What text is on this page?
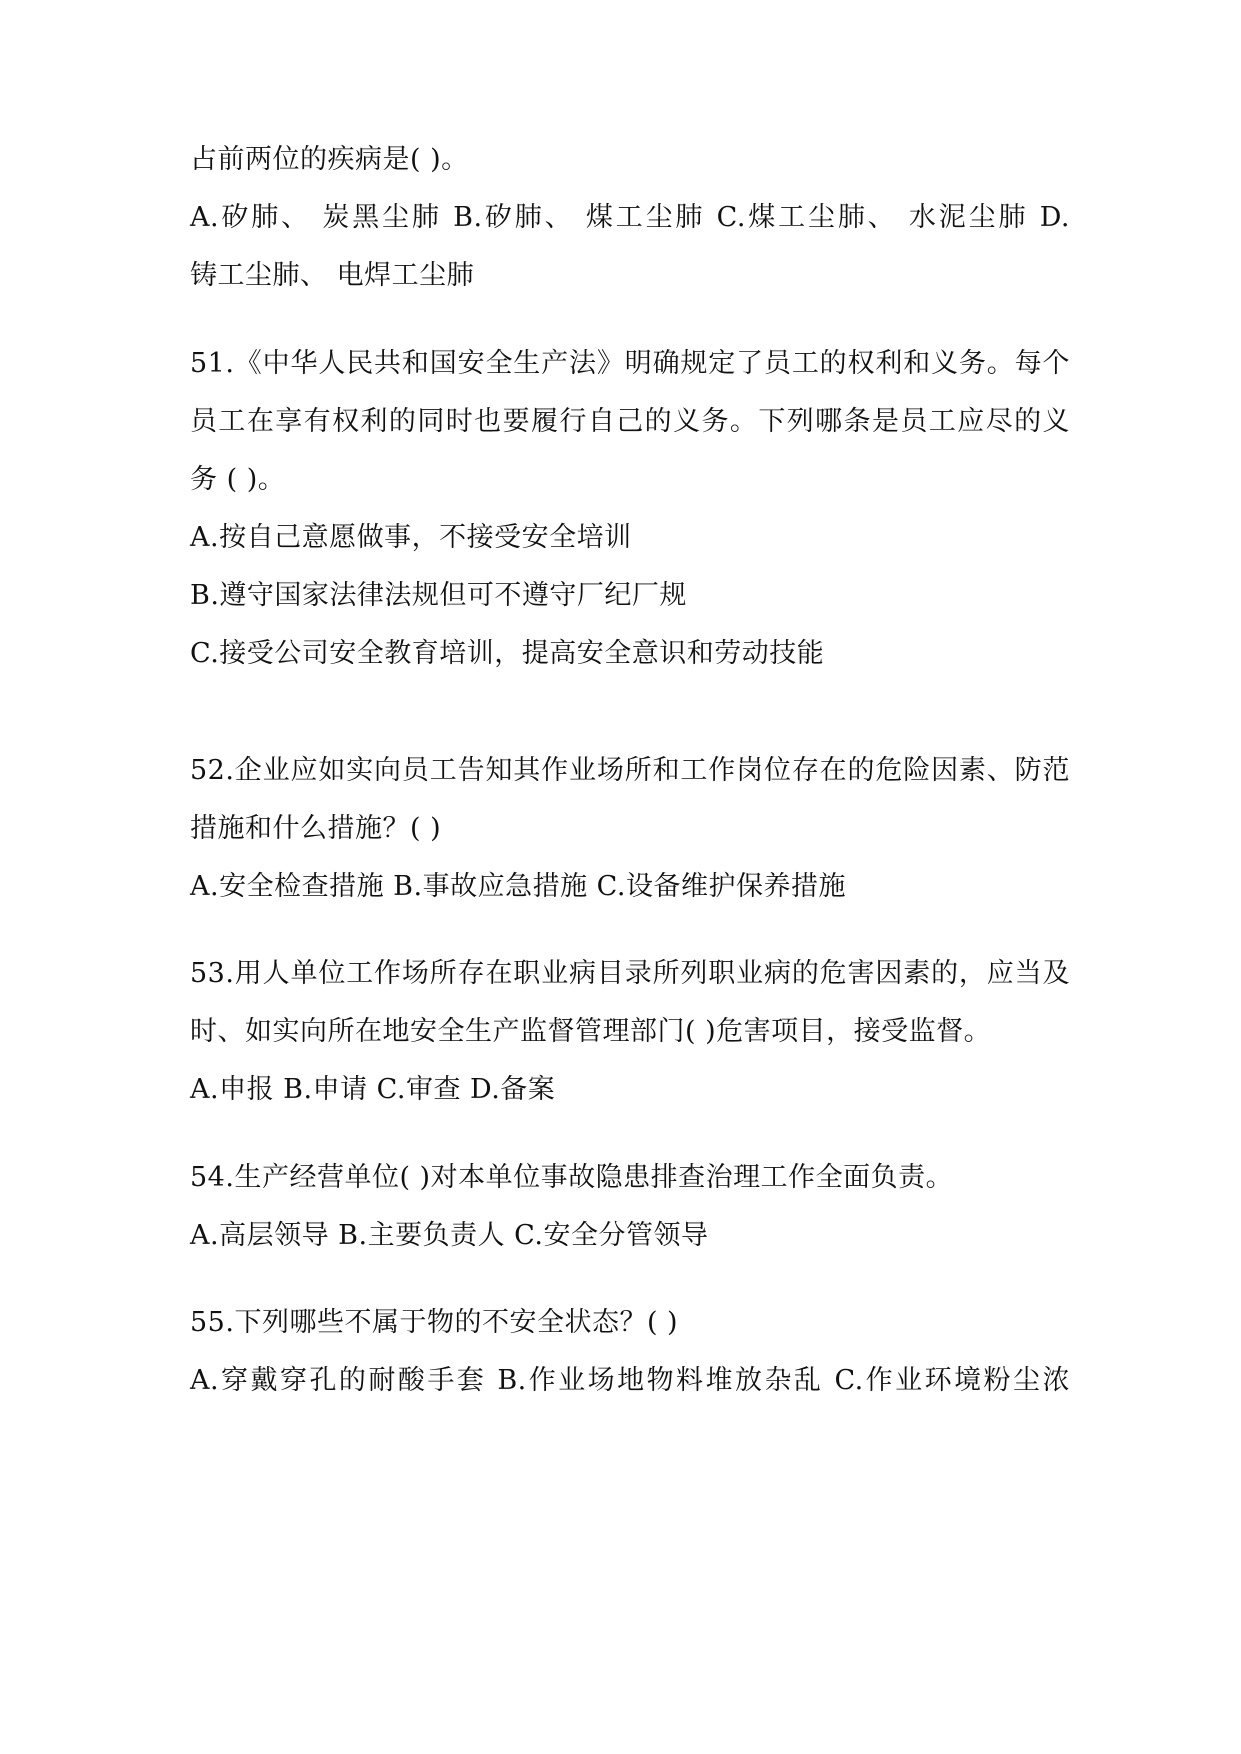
占前两位的疾病是( )。
A.矽肺、 炭黑尘肺 B.矽肺、 煤工尘肺 C.煤工尘肺、 水泥尘肺 D.
铸工尘肺、 电焊工尘肺
51.《中华人民共和国安全生产法》明确规定了员工的权利和义务。每个
员工在享有权利的同时也要履行自己的义务。下列哪条是员工应尽的义
务 ( )。
A.按自己意愿做事，不接受安全培训
B.遵守国家法律法规但可不遵守厂纪厂规
C.接受公司安全教育培训，提高安全意识和劳动技能
52.企业应如实向员工告知其作业场所和工作岗位存在的危险因素、防范
措施和什么措施？( )
A.安全检查措施 B.事故应急措施 C.设备维护保养措施
53.用人单位工作场所存在职业病目录所列职业病的危害因素的，应当及
时、如实向所在地安全生产监督管理部门( )危害项目，接受监督。
A.申报 B.申请 C.审查 D.备案
54.生产经营单位( )对本单位事故隐患排查治理工作全面负责。
A.高层领导 B.主要负责人 C.安全分管领导
55.下列哪些不属于物的不安全状态？( )
A.穿戴穿孔的耐酸手套 B.作业场地物料堆放杂乱 C.作业环境粉尘浓
